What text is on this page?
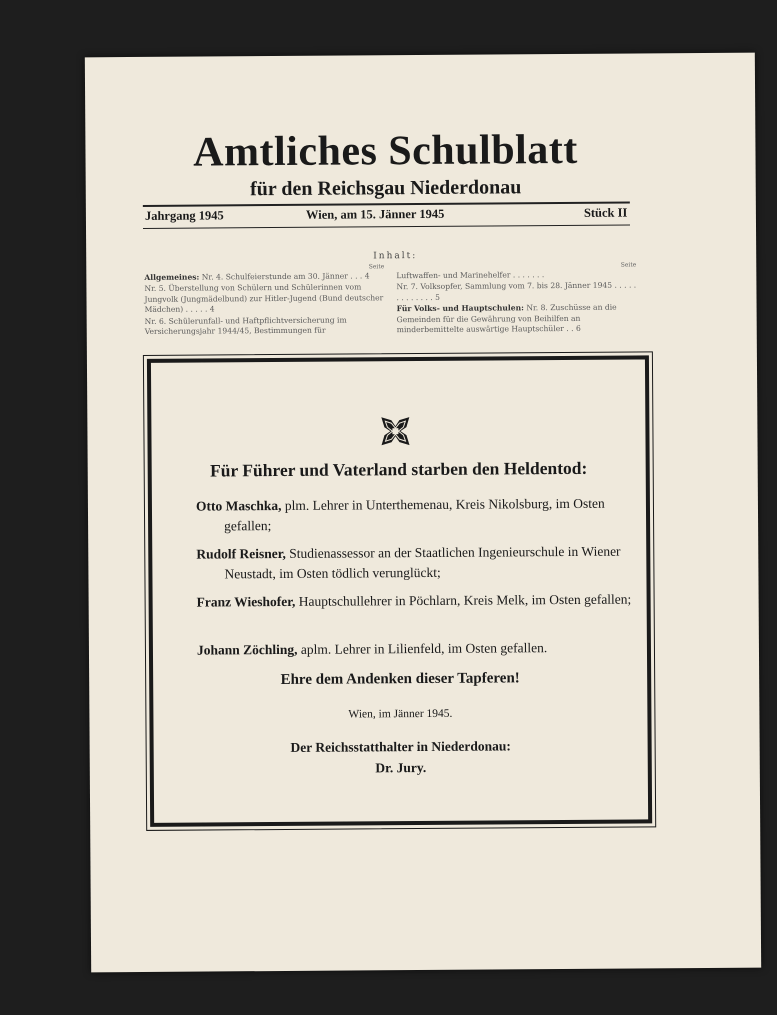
Amtliches Schulblatt
für den Reichsgau Niederdonau
Jahrgang 1945	Wien, am 15. Jänner 1945	Stück II
Inhalt:
Seite

Allgemeines: Nr. 4. Schulfeierstunde am 30. Jänner . . . 4

Nr. 5. Überstellung von Schülern und Schülerinnen vom Jungvolk (Jungmädelbund) zur Hitler-Jugend (Bund deutscher Mädchen) . . . . . 4

Nr. 6. Schülerunfall- und Haftpflichtversicherung im Versicherungsjahr 1944/45, Bestimmungen für

Seite

Luftwaffen- und Marinehelfer . . . . . . .

Nr. 7. Volksopfer, Sammlung vom 7. bis 28. Jänner 1945 . . . . . . . . . . . . . 5

Für Volks- und Hauptschulen: Nr. 8. Zuschüsse an die Gemeinden für die Gewährung von Beihilfen an minderbemittelte auswärtige Hauptschüler . . 6

Für Führer und Vaterland starben den Heldentod:
Otto Maschka, plm. Lehrer in Unterthemenau, Kreis Nikolsburg, im Osten gefallen;
Rudolf Reisner, Studienassessor an der Staatlichen Ingenieurschule in Wiener Neustadt, im Osten tödlich verunglückt;
Franz Wieshofer, Hauptschullehrer in Pöchlarn, Kreis Melk, im Osten gefallen;
Johann Zöchling, aplm. Lehrer in Lilienfeld, im Osten gefallen.
Ehre dem Andenken dieser Tapferen!
Wien, im Jänner 1945.
Der Reichsstatthalter in Niederdonau:
Dr. Jury.
